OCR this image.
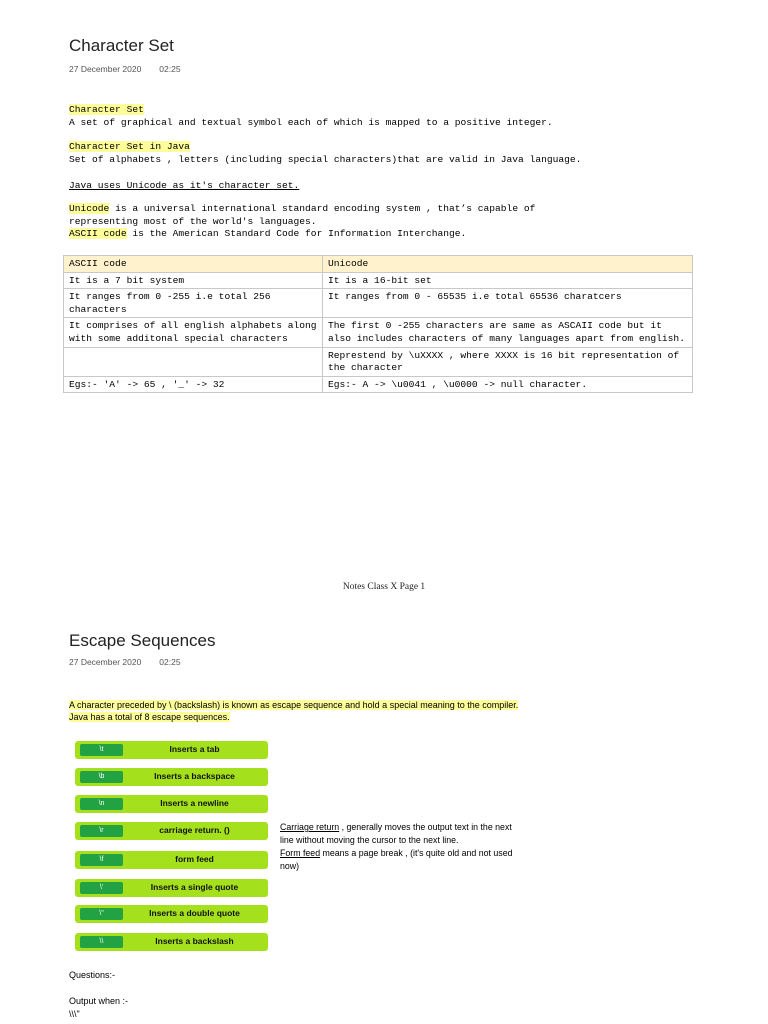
Character Set
27 December 2020 02:25
Character Set
A set of graphical and textual symbol each of which is mapped to a positive integer.
Character Set in Java
Set of alphabets , letters (including special characters)that are valid in Java language.
Java uses Unicode as it's character set.
Unicode is a universal international standard encoding system , that’s capable of
representing most of the world's languages.
ASCII code is the American Standard Code for Information Interchange.
ASCII code	Unicode
It is a 7 bit system	It is a 16-bit set
It ranges from 0 -255 i.e total 256 characters	It ranges from 0 - 65535 i.e total 65536 charatcers
It comprises of all english alphabets along with some additonal special characters	The first 0 -255 characters are same as ASCAII code but it also includes characters of many languages apart from english.
	Represtend by \uXXXX , where XXXX is 16 bit representation of the character
Egs:- 'A' -> 65 , '_' -> 32	Egs:- A -> \u0041 , \u0000 -> null character.
Notes Class X Page 1
Escape Sequences
27 December 2020 02:25
A character preceded by \ (backslash) is known as escape sequence and hold a special meaning to the compiler.
Java has a total of 8 escape sequences.
\t	Inserts a tab
\b	Inserts a backspace
\n	Inserts a newline
\r	carriage return. ()
\f	form feed
\'	Inserts a single quote
\"	Inserts a double quote
\\	Inserts a backslash
Carriage return , generally moves the output text in the next line without moving the cursor to the next line.
Form feed means a page break , (it's quite old and not used now)
Questions:-
Output when :-
\\\"
